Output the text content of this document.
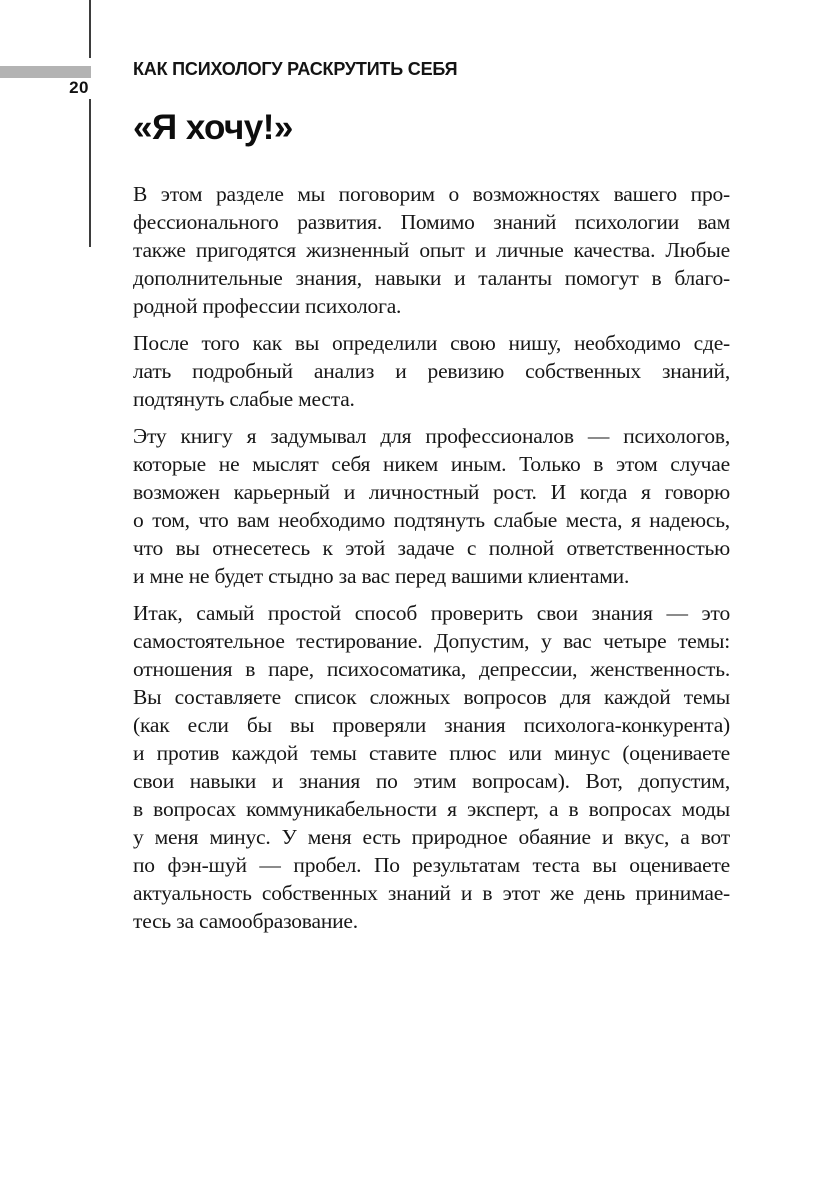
20
КАК ПСИХОЛОГУ РАСКРУТИТЬ СЕБЯ
«Я хочу!»

В этом разделе мы поговорим о возможностях вашего про-
фессионального развития. Помимо знаний психологии вам
также пригодятся жизненный опыт и личные качества. Любые
дополнительные знания, навыки и таланты помогут в благо-
родной профессии психолога.

После того как вы определили свою нишу, необходимо сде-
лать подробный анализ и ревизию собственных знаний,
подтянуть слабые места.

Эту книгу я задумывал для профессионалов — психологов,
которые не мыслят себя никем иным. Только в этом случае
возможен карьерный и личностный рост. И когда я говорю
о том, что вам необходимо подтянуть слабые места, я надеюсь,
что вы отнесетесь к этой задаче с полной ответственностью
и мне не будет стыдно за вас перед вашими клиентами.

Итак, самый простой способ проверить свои знания — это
самостоятельное тестирование. Допустим, у вас четыре темы:
отношения в паре, психосоматика, депрессии, женственность.
Вы составляете список сложных вопросов для каждой темы
(как если бы вы проверяли знания психолога-конкурента)
и против каждой темы ставите плюс или минус (оцениваете
свои навыки и знания по этим вопросам). Вот, допустим,
в вопросах коммуникабельности я эксперт, а в вопросах моды
у меня минус. У меня есть природное обаяние и вкус, а вот
по фэн-шуй — пробел. По результатам теста вы оцениваете
актуальность собственных знаний и в этот же день принимае-
тесь за самообразование.
